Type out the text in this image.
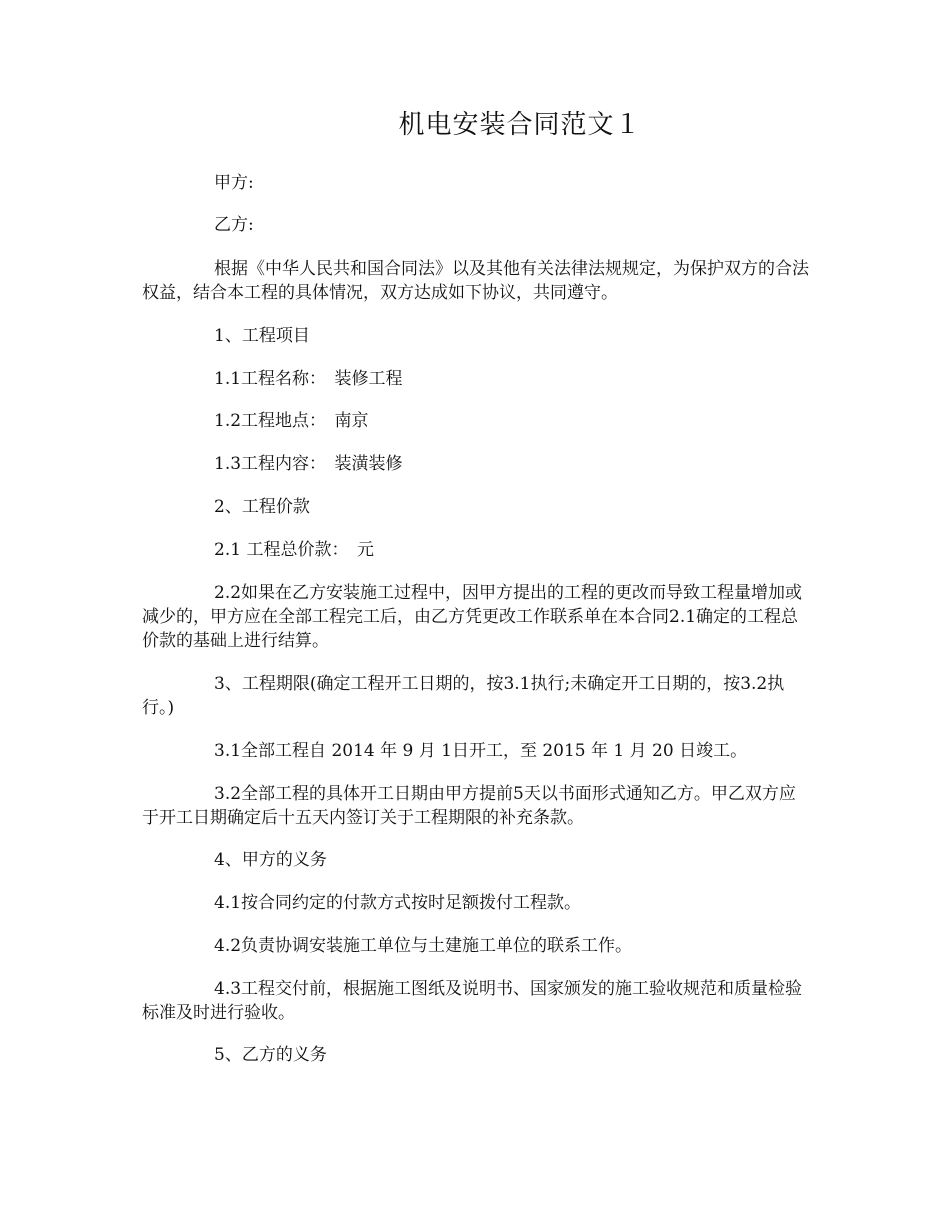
机电安装合同范文１

甲方:

乙方:

根据《中华人民共和国合同法》以及其他有关法律法规规定，为保护双方的合法权益，结合本工程的具体情况，双方达成如下协议，共同遵守。

1、工程项目

1.1工程名称：　装修工程

1.2工程地点：　南京

1.3工程内容：　装潢装修

2、工程价款

2.1 工程总价款：　元

2.2如果在乙方安装施工过程中，因甲方提出的工程的更改而导致工程量增加或减少的，甲方应在全部工程完工后，由乙方凭更改工作联系单在本合同2.1确定的工程总价款的基础上进行结算。

3、工程期限(确定工程开工日期的，按3.1执行;未确定开工日期的，按3.2执行。)

3.1全部工程自 2014 年 9 月 1日开工，至 2015 年 1 月 20 日竣工。

3.2全部工程的具体开工日期由甲方提前5天以书面形式通知乙方。甲乙双方应于开工日期确定后十五天内签订关于工程期限的补充条款。

4、甲方的义务

4.1按合同约定的付款方式按时足额拨付工程款。

4.2负责协调安装施工单位与土建施工单位的联系工作。

4.3工程交付前，根据施工图纸及说明书、国家颁发的施工验收规范和质量检验标准及时进行验收。

5、乙方的义务
